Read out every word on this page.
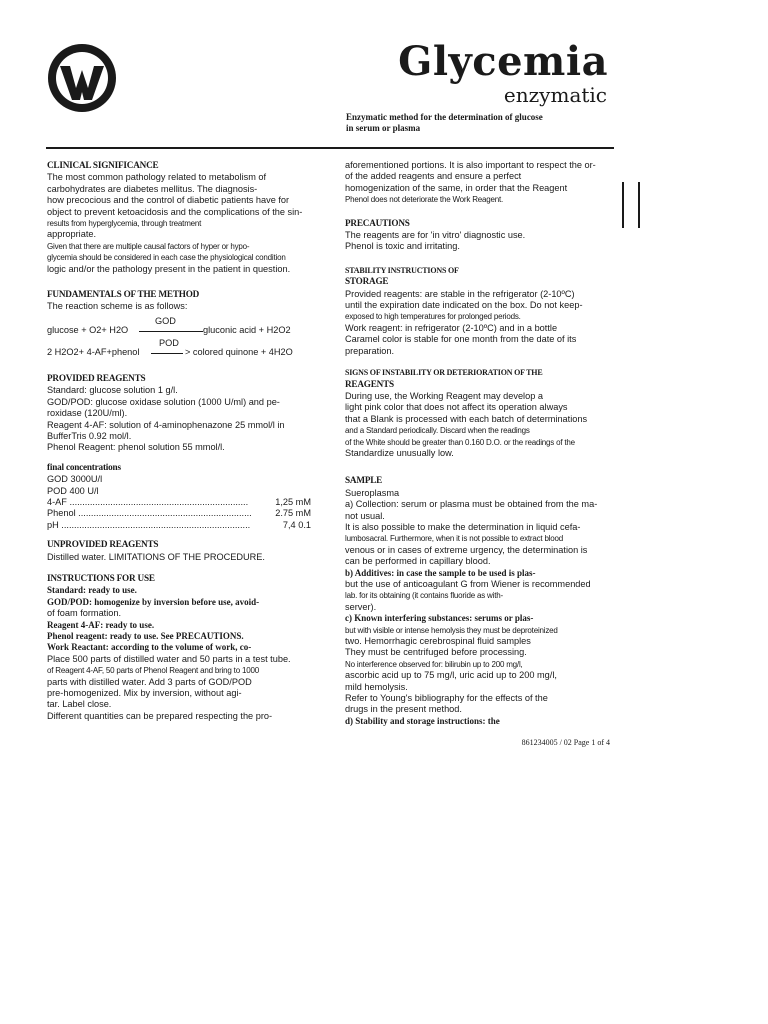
Glycemia
enzymatic
Enzymatic method for the determination of glucose
in serum or plasma
CLINICAL SIGNIFICANCE
The most common pathology related to metabolism of
carbohydrates are diabetes mellitus. The diagnosis-
how precocious and the control of diabetic patients have for
object to prevent ketoacidosis and the complications of the sin-
results from hyperglycemia, through treatment
appropriate.
Given that there are multiple causal factors of hyper or hypo-
glycemia should be considered in each case the physiological condition
logic and/or the pathology present in the patient in question.
FUNDAMENTALS OF THE METHOD
The reaction scheme is as follows:
GOD
glucose + O2+ H2O	gluconic acid + H2O2
POD
2 H2O2+ 4-AF+phenol	> colored quinone + 4H2O
PROVIDED REAGENTS
Standard: glucose solution 1 g/l.
GOD/POD: glucose oxidase solution (1000 U/ml) and pe-
roxidase (120U/ml).
Reagent 4-AF: solution of 4-aminophenazone 25 mmol/l in
BufferTris 0.92 mol/l.
Phenol Reagent: phenol solution 55 mmol/l.
final concentrations
GOD 3000U/l
POD 400 U/l
4-AF ......................................................................	1,25 mM
Phenol ....................................................................	2.75 mM
pH ..........................................................................	7,4 0.1
UNPROVIDED REAGENTS
Distilled water. LIMITATIONS OF THE PROCEDURE.
INSTRUCTIONS FOR USE
Standard: ready to use.
GOD/POD: homogenize by inversion before use, avoid-
of foam formation.
Reagent 4-AF: ready to use.
Phenol reagent: ready to use. See PRECAUTIONS.
Work Reactant: according to the volume of work, co-
Place 500 parts of distilled water and 50 parts in a test tube.
of Reagent 4-AF, 50 parts of Phenol Reagent and bring to 1000
parts with distilled water. Add 3 parts of GOD/POD
pre-homogenized. Mix by inversion, without agi-
tar. Label close.
Different quantities can be prepared respecting the pro-
aforementioned portions. It is also important to respect the or-
of the added reagents and ensure a perfect
homogenization of the same, in order that the Reagent
Phenol does not deteriorate the Work Reagent.
PRECAUTIONS
The reagents are for 'in vitro' diagnostic use.
Phenol is toxic and irritating.
STABILITY INSTRUCTIONS OF
STORAGE
Provided reagents: are stable in the refrigerator (2-10ºC)
until the expiration date indicated on the box. Do not keep-
exposed to high temperatures for prolonged periods.
Work reagent: in refrigerator (2-10ºC) and in a bottle
Caramel color is stable for one month from the date of its
preparation.
SIGNS OF INSTABILITY OR DETERIORATION OF THE
REAGENTS
During use, the Working Reagent may develop a
light pink color that does not affect its operation always
that a Blank is processed with each batch of determinations
and a Standard periodically. Discard when the readings
of the White should be greater than 0.160 D.O. or the readings of the
Standardize unusually low.
SAMPLE
Sueroplasma
a) Collection: serum or plasma must be obtained from the ma-
not usual.
It is also possible to make the determination in liquid cefa-
lumbosacral. Furthermore, when it is not possible to extract blood
venous or in cases of extreme urgency, the determination is
can be performed in capillary blood.
b) Additives: in case the sample to be used is plas-
but the use of anticoagulant G from Wiener is recommended
lab. for its obtaining (it contains fluoride as with-
server).
c) Known interfering substances: serums or plas-
but with visible or intense hemolysis they must be deproteinized
two. Hemorrhagic cerebrospinal fluid samples
They must be centrifuged before processing.
No interference observed for: bilirubin up to 200 mg/l,
ascorbic acid up to 75 mg/l, uric acid up to 200 mg/l,
mild hemolysis.
Refer to Young's bibliography for the effects of the
drugs in the present method.
d) Stability and storage instructions: the
861234005 / 02 Page 1 of 4
